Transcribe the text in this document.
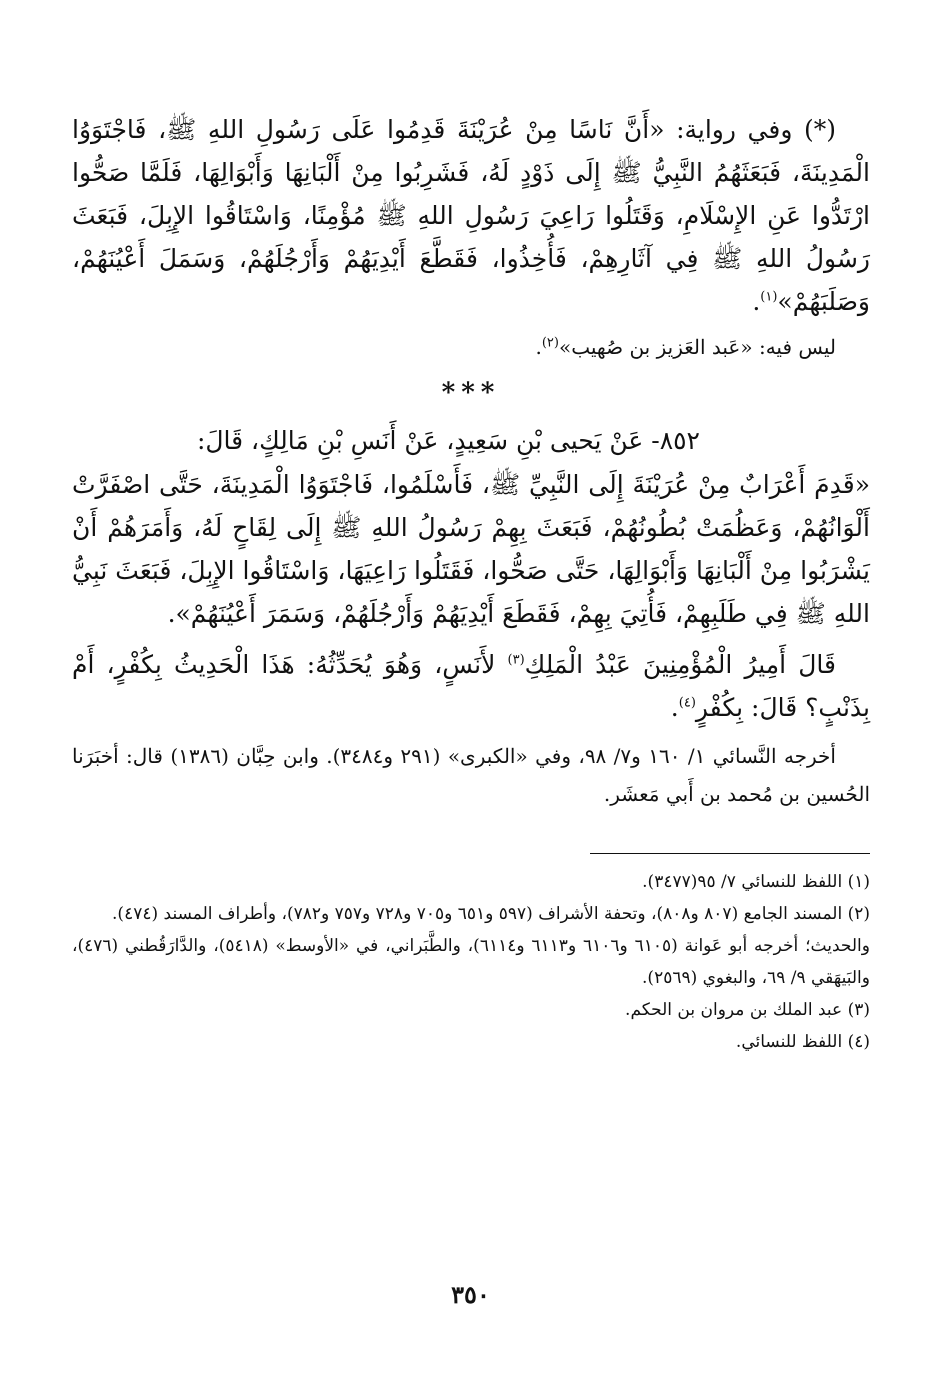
(*) وفي رواية: «أَنَّ نَاسًا مِنْ عُرَيْنَةَ قَدِمُوا عَلَى رَسُولِ اللهِ ﷺ، فَاجْتَوَوُا الْمَدِينَةَ، فَبَعَثَهُمُ النَّبِيُّ ﷺ إِلَى ذَوْدٍ لَهُ، فَشَرِبُوا مِنْ أَلْبَانِهَا وَأَبْوَالِهَا، فَلَمَّا صَحُّوا ارْتَدُّوا عَنِ الإِسْلَامِ، وَقَتَلُوا رَاعِيَ رَسُولِ اللهِ ﷺ مُؤْمِنًا، وَاسْتَاقُوا الإِبِلَ، فَبَعَثَ رَسُولُ اللهِ ﷺ فِي آثَارِهِمْ، فَأُخِذُوا، فَقَطَّعَ أَيْدِيَهُمْ وَأَرْجُلَهُمْ، وَسَمَلَ أَعْيُنَهُمْ، وَصَلَبَهُمْ»$^{(١)}$.

ليس فيه: «عَبد العَزيز بن صُهيب»$^{(٢)}$.

***

٨٥٢- عَنْ يَحيى بْنِ سَعِيدٍ، عَنْ أَنَسِ بْنِ مَالِكٍ، قَالَ:

«قَدِمَ أَعْرَابٌ مِنْ عُرَيْنَةَ إِلَى النَّبِيِّ ﷺ، فَأَسْلَمُوا، فَاجْتَوَوُا الْمَدِينَةَ، حَتَّى اصْفَرَّتْ أَلْوَانُهُمْ، وَعَظُمَتْ بُطُونُهُمْ، فَبَعَثَ بِهِمْ رَسُولُ اللهِ ﷺ إِلَى لِقَاحٍ لَهُ، وَأَمَرَهُمْ أَنْ يَشْرَبُوا مِنْ أَلْبَانِهَا وَأَبْوَالِهَا، حَتَّى صَحُّوا، فَقَتَلُوا رَاعِيَهَا، وَاسْتَاقُوا الإِبِلَ، فَبَعَثَ نَبِيُّ اللهِ ﷺ فِي طَلَبِهِمْ، فَأُتِيَ بِهِمْ، فَقَطَعَ أَيْدِيَهُمْ وَأَرْجُلَهُمْ، وَسَمَرَ أَعْيُنَهُمْ».

قَالَ أَمِيرُ الْمُؤْمِنِينَ عَبْدُ الْمَلِكِ$^{(٣)}$ لأَنَسٍ، وَهُوَ يُحَدِّثُهُ: هَذَا الْحَدِيثُ بِكُفْرٍ، أَمْ بِذَنْبٍ؟ قَالَ: بِكُفْرٍ$^{(٤)}$.

أخرجه النَّسائي ١/ ١٦٠ و٧/ ٩٨، وفي «الكبرى» (٢٩١ و٣٤٨٤). وابن حِبَّان (١٣٨٦) قال: أخبَرَنا الحُسين بن مُحمد بن أَبي مَعشَر.

(١) اللفظ للنسائي ٧/ ٩٥(٣٤٧٧).

(٢) المسند الجامع (٨٠٧ و٨٠٨)، وتحفة الأشراف (٥٩٧ و٦٥١ و٧٠٥ و٧٢٨ و٧٥٧ و٧٨٢)، وأطراف المسند (٤٧٤).

والحديث؛ أخرجه أبو عَوانة (٦١٠٥ و٦١٠٦ و٦١١٣ و٦١١٤)، والطَّبَراني، في «الأوسط» (٥٤١٨)، والدَّارَقُطني (٤٧٦)، والبَيهَقي ٩/ ٦٩، والبغوي (٢٥٦٩).

(٣) عبد الملك بن مروان بن الحكم.

(٤) اللفظ للنسائي.

٣٥٠
